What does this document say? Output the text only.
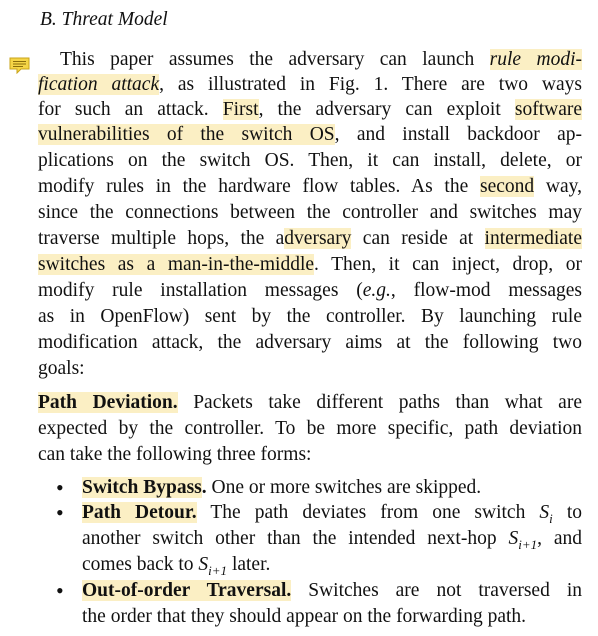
B. Threat Model
This paper assumes the adversary can launch rule modi-
fication attack, as illustrated in Fig. 1. There are two ways
for such an attack. First, the adversary can exploit software
vulnerabilities of the switch OS, and install backdoor ap-
plications on the switch OS. Then, it can install, delete, or
modify rules in the hardware flow tables. As the second way,
since the connections between the controller and switches may
traverse multiple hops, the adversary can reside at intermediate
switches as a man-in-the-middle. Then, it can inject, drop, or
modify rule installation messages (e.g., flow-mod messages
as in OpenFlow) sent by the controller. By launching rule
modification attack, the adversary aims at the following two
goals:
Path Deviation. Packets take different paths than what are
expected by the controller. To be more specific, path deviation
can take the following three forms:
• Switch Bypass. One or more switches are skipped.
• Path Detour. The path deviates from one switch $S_i$ to
another switch other than the intended next-hop $S_{i+1}$, and
comes back to $S_{i+1}$ later.
• Out-of-order Traversal. Switches are not traversed in
the order that they should appear on the forwarding path.
